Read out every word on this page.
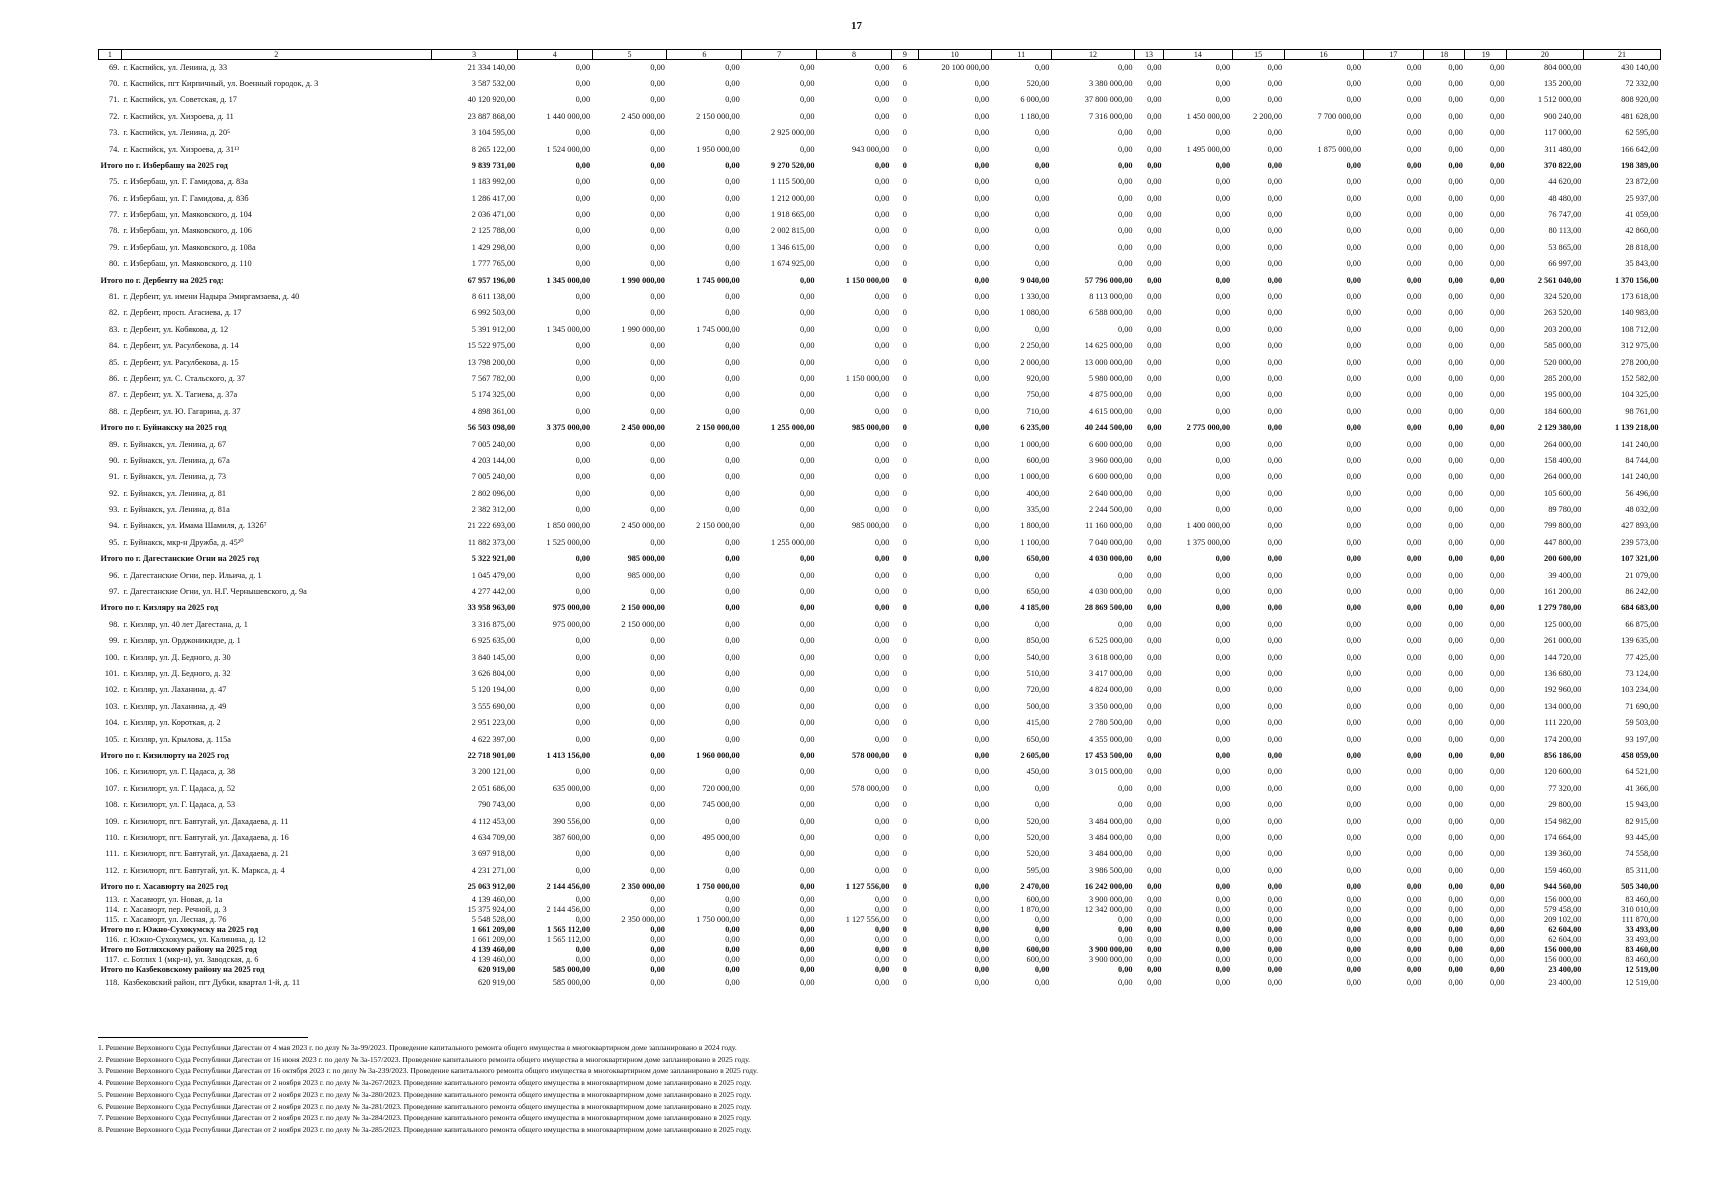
17
1	2	3	4	5	6	7	8	9	10	11	12	13	14	15	16	17	18	19	20	21
69.	г. Каспийск, ул. Ленина, д. 33	21 334 140,00	0,00	0,00	0,00	0,00	0,00	6	20 100 000,00	0,00	0,00	0,00	0,00	0,00	0,00	0,00	0,00	0,00	804 000,00	430 140,00
70.	г. Каспийск, пгт Кирпичный, ул. Военный городок, д. 3	3 587 532,00	0,00	0,00	0,00	0,00	0,00	0	0,00	520,00	3 380 000,00	0,00	0,00	0,00	0,00	0,00	0,00	0,00	135 200,00	72 332,00
71.	г. Каспийск, ул. Советская, д. 17	40 120 920,00	0,00	0,00	0,00	0,00	0,00	0	0,00	6 000,00	37 800 000,00	0,00	0,00	0,00	0,00	0,00	0,00	0,00	1 512 000,00	808 920,00
72.	г. Каспийск, ул. Хизроева, д. 11	23 887 868,00	1 440 000,00	2 450 000,00	2 150 000,00	0,00	0,00	0	0,00	1 180,00	7 316 000,00	0,00	1 450 000,00	2 200,00	7 700 000,00	0,00	0,00	0,00	900 240,00	481 628,00
73.	г. Каспийск, ул. Ленина, д. 20⁵	3 104 595,00	0,00	0,00	0,00	2 925 000,00	0,00	0	0,00	0,00	0,00	0,00	0,00	0,00	0,00	0,00	0,00	0,00	117 000,00	62 595,00
74.	г. Каспийск, ул. Хизроева, д. 31¹³	8 265 122,00	1 524 000,00	0,00	1 950 000,00	0,00	943 000,00	0	0,00	0,00	0,00	0,00	1 495 000,00	0,00	1 875 000,00	0,00	0,00	0,00	311 480,00	166 642,00
Итого по г. Избербашу на 2025 год		9 839 731,00	0,00	0,00	0,00	9 270 520,00	0,00	0	0,00	0,00	0,00	0,00	0,00	0,00	0,00	0,00	0,00	0,00	370 822,00	198 389,00
75.	г. Избербаш, ул. Г. Гамидова, д. 83а	1 183 992,00	0,00	0,00	0,00	1 115 500,00	0,00	0	0,00	0,00	0,00	0,00	0,00	0,00	0,00	0,00	0,00	0,00	44 620,00	23 872,00
76.	г. Избербаш, ул. Г. Гамидова, д. 83б	1 286 417,00	0,00	0,00	0,00	1 212 000,00	0,00	0	0,00	0,00	0,00	0,00	0,00	0,00	0,00	0,00	0,00	0,00	48 480,00	25 937,00
77.	г. Избербаш, ул. Маяковского, д. 104	2 036 471,00	0,00	0,00	0,00	1 918 665,00	0,00	0	0,00	0,00	0,00	0,00	0,00	0,00	0,00	0,00	0,00	0,00	76 747,00	41 059,00
78.	г. Избербаш, ул. Маяковского, д. 106	2 125 788,00	0,00	0,00	0,00	2 002 815,00	0,00	0	0,00	0,00	0,00	0,00	0,00	0,00	0,00	0,00	0,00	0,00	80 113,00	42 860,00
79.	г. Избербаш, ул. Маяковского, д. 108а	1 429 298,00	0,00	0,00	0,00	1 346 615,00	0,00	0	0,00	0,00	0,00	0,00	0,00	0,00	0,00	0,00	0,00	0,00	53 865,00	28 818,00
80.	г. Избербаш, ул. Маяковского, д. 110	1 777 765,00	0,00	0,00	0,00	1 674 925,00	0,00	0	0,00	0,00	0,00	0,00	0,00	0,00	0,00	0,00	0,00	0,00	66 997,00	35 843,00
Итого по г. Дербенту на 2025 год:		67 957 196,00	1 345 000,00	1 990 000,00	1 745 000,00	0,00	1 150 000,00	0	0,00	9 040,00	57 796 000,00	0,00	0,00	0,00	0,00	0,00	0,00	0,00	2 561 040,00	1 370 156,00
81.	г. Дербент, ул. имени Надыра Эмиргамзаева, д. 40	8 611 138,00	0,00	0,00	0,00	0,00	0,00	0	0,00	1 330,00	8 113 000,00	0,00	0,00	0,00	0,00	0,00	0,00	0,00	324 520,00	173 618,00
82.	г. Дербент, просп. Агасиева, д. 17	6 992 503,00	0,00	0,00	0,00	0,00	0,00	0	0,00	1 080,00	6 588 000,00	0,00	0,00	0,00	0,00	0,00	0,00	0,00	263 520,00	140 983,00
83.	г. Дербент, ул. Кобякова, д. 12	5 391 912,00	1 345 000,00	1 990 000,00	1 745 000,00	0,00	0,00	0	0,00	0,00	0,00	0,00	0,00	0,00	0,00	0,00	0,00	0,00	203 200,00	108 712,00
84.	г. Дербент, ул. Расулбекова, д. 14	15 522 975,00	0,00	0,00	0,00	0,00	0,00	0	0,00	2 250,00	14 625 000,00	0,00	0,00	0,00	0,00	0,00	0,00	0,00	585 000,00	312 975,00
85.	г. Дербент, ул. Расулбекова, д. 15	13 798 200,00	0,00	0,00	0,00	0,00	0,00	0	0,00	2 000,00	13 000 000,00	0,00	0,00	0,00	0,00	0,00	0,00	0,00	520 000,00	278 200,00
86.	г. Дербент, ул. С. Стальского, д. 37	7 567 782,00	0,00	0,00	0,00	0,00	1 150 000,00	0	0,00	920,00	5 980 000,00	0,00	0,00	0,00	0,00	0,00	0,00	0,00	285 200,00	152 582,00
87.	г. Дербент, ул. Х. Тагиева, д. 37а	5 174 325,00	0,00	0,00	0,00	0,00	0,00	0	0,00	750,00	4 875 000,00	0,00	0,00	0,00	0,00	0,00	0,00	0,00	195 000,00	104 325,00
88.	г. Дербент, ул. Ю. Гагарина, д. 37	4 898 361,00	0,00	0,00	0,00	0,00	0,00	0	0,00	710,00	4 615 000,00	0,00	0,00	0,00	0,00	0,00	0,00	0,00	184 600,00	98 761,00
Итого по г. Буйнакску на 2025 год		56 503 098,00	3 375 000,00	2 450 000,00	2 150 000,00	1 255 000,00	985 000,00	0	0,00	6 235,00	40 244 500,00	0,00	2 775 000,00	0,00	0,00	0,00	0,00	0,00	2 129 380,00	1 139 218,00
89.	г. Буйнакск, ул. Ленина, д. 67	7 005 240,00	0,00	0,00	0,00	0,00	0,00	0	0,00	1 000,00	6 600 000,00	0,00	0,00	0,00	0,00	0,00	0,00	0,00	264 000,00	141 240,00
90.	г. Буйнакск, ул. Ленина, д. 67а	4 203 144,00	0,00	0,00	0,00	0,00	0,00	0	0,00	600,00	3 960 000,00	0,00	0,00	0,00	0,00	0,00	0,00	0,00	158 400,00	84 744,00
91.	г. Буйнакск, ул. Ленина, д. 73	7 005 240,00	0,00	0,00	0,00	0,00	0,00	0	0,00	1 000,00	6 600 000,00	0,00	0,00	0,00	0,00	0,00	0,00	0,00	264 000,00	141 240,00
92.	г. Буйнакск, ул. Ленина, д. 81	2 802 096,00	0,00	0,00	0,00	0,00	0,00	0	0,00	400,00	2 640 000,00	0,00	0,00	0,00	0,00	0,00	0,00	0,00	105 600,00	56 496,00
93.	г. Буйнакск, ул. Ленина, д. 81а	2 382 312,00	0,00	0,00	0,00	0,00	0,00	0	0,00	335,00	2 244 500,00	0,00	0,00	0,00	0,00	0,00	0,00	0,00	89 780,00	48 032,00
94.	г. Буйнакск, ул. Имама Шамиля, д. 132б⁷	21 222 693,00	1 850 000,00	2 450 000,00	2 150 000,00	0,00	985 000,00	0	0,00	1 800,00	11 160 000,00	0,00	1 400 000,00	0,00	0,00	0,00	0,00	0,00	799 800,00	427 893,00
95.	г. Буйнакск, мкр-н Дружба, д. 45²⁰	11 882 373,00	1 525 000,00	0,00	0,00	1 255 000,00	0,00	0	0,00	1 100,00	7 040 000,00	0,00	1 375 000,00	0,00	0,00	0,00	0,00	0,00	447 800,00	239 573,00
Итого по г. Дагестанские Огни на 2025 год		5 322 921,00	0,00	985 000,00	0,00	0,00	0,00	0	0,00	650,00	4 030 000,00	0,00	0,00	0,00	0,00	0,00	0,00	0,00	200 600,00	107 321,00
96.	г. Дагестанские Огни, пер. Ильича, д. 1	1 045 479,00	0,00	985 000,00	0,00	0,00	0,00	0	0,00	0,00	0,00	0,00	0,00	0,00	0,00	0,00	0,00	0,00	39 400,00	21 079,00
97.	г. Дагестанские Огни, ул. Н.Г. Чернышевского, д. 9а	4 277 442,00	0,00	0,00	0,00	0,00	0,00	0	0,00	650,00	4 030 000,00	0,00	0,00	0,00	0,00	0,00	0,00	0,00	161 200,00	86 242,00
Итого по г. Кизляру на 2025 год		33 958 963,00	975 000,00	2 150 000,00	0,00	0,00	0,00	0	0,00	4 185,00	28 869 500,00	0,00	0,00	0,00	0,00	0,00	0,00	0,00	1 279 780,00	684 683,00
98.	г. Кизляр, ул. 40 лет Дагестана, д. 1	3 316 875,00	975 000,00	2 150 000,00	0,00	0,00	0,00	0	0,00	0,00	0,00	0,00	0,00	0,00	0,00	0,00	0,00	0,00	125 000,00	66 875,00
99.	г. Кизляр, ул. Орджоникидзе, д. 1	6 925 635,00	0,00	0,00	0,00	0,00	0,00	0	0,00	850,00	6 525 000,00	0,00	0,00	0,00	0,00	0,00	0,00	0,00	261 000,00	139 635,00
100.	г. Кизляр, ул. Д. Бедного, д. 30	3 840 145,00	0,00	0,00	0,00	0,00	0,00	0	0,00	540,00	3 618 000,00	0,00	0,00	0,00	0,00	0,00	0,00	0,00	144 720,00	77 425,00
101.	г. Кизляр, ул. Д. Бедного, д. 32	3 626 804,00	0,00	0,00	0,00	0,00	0,00	0	0,00	510,00	3 417 000,00	0,00	0,00	0,00	0,00	0,00	0,00	0,00	136 680,00	73 124,00
102.	г. Кизляр, ул. Лаханина, д. 47	5 120 194,00	0,00	0,00	0,00	0,00	0,00	0	0,00	720,00	4 824 000,00	0,00	0,00	0,00	0,00	0,00	0,00	0,00	192 960,00	103 234,00
103.	г. Кизляр, ул. Лаханина, д. 49	3 555 690,00	0,00	0,00	0,00	0,00	0,00	0	0,00	500,00	3 350 000,00	0,00	0,00	0,00	0,00	0,00	0,00	0,00	134 000,00	71 690,00
104.	г. Кизляр, ул. Короткая, д. 2	2 951 223,00	0,00	0,00	0,00	0,00	0,00	0	0,00	415,00	2 780 500,00	0,00	0,00	0,00	0,00	0,00	0,00	0,00	111 220,00	59 503,00
105.	г. Кизляр, ул. Крылова, д. 115а	4 622 397,00	0,00	0,00	0,00	0,00	0,00	0	0,00	650,00	4 355 000,00	0,00	0,00	0,00	0,00	0,00	0,00	0,00	174 200,00	93 197,00
Итого по г. Кизилюрту на 2025 год		22 718 901,00	1 413 156,00	0,00	1 960 000,00	0,00	578 000,00	0	0,00	2 605,00	17 453 500,00	0,00	0,00	0,00	0,00	0,00	0,00	0,00	856 186,00	458 059,00
106.	г. Кизилюрт, ул. Г. Цадаса, д. 38	3 200 121,00	0,00	0,00	0,00	0,00	0,00	0	0,00	450,00	3 015 000,00	0,00	0,00	0,00	0,00	0,00	0,00	0,00	120 600,00	64 521,00
107.	г. Кизилюрт, ул. Г. Цадаса, д. 52	2 051 686,00	635 000,00	0,00	720 000,00	0,00	578 000,00	0	0,00	0,00	0,00	0,00	0,00	0,00	0,00	0,00	0,00	0,00	77 320,00	41 366,00
108.	г. Кизилюрт, ул. Г. Цадаса, д. 53	790 743,00	0,00	0,00	745 000,00	0,00	0,00	0	0,00	0,00	0,00	0,00	0,00	0,00	0,00	0,00	0,00	0,00	29 800,00	15 943,00
109.	г. Кизилюрт, пгт. Бавтугай, ул. Дахадаева, д. 11	4 112 453,00	390 556,00	0,00	0,00	0,00	0,00	0	0,00	520,00	3 484 000,00	0,00	0,00	0,00	0,00	0,00	0,00	0,00	154 982,00	82 915,00
110.	г. Кизилюрт, пгт. Бавтугай, ул. Дахадаева, д. 16	4 634 709,00	387 600,00	0,00	495 000,00	0,00	0,00	0	0,00	520,00	3 484 000,00	0,00	0,00	0,00	0,00	0,00	0,00	0,00	174 664,00	93 445,00
111.	г. Кизилюрт, пгт. Бавтугай, ул. Дахадаева, д. 21	3 697 918,00	0,00	0,00	0,00	0,00	0,00	0	0,00	520,00	3 484 000,00	0,00	0,00	0,00	0,00	0,00	0,00	0,00	139 360,00	74 558,00
112.	г. Кизилюрт, пгт. Бавтугай, ул. К. Маркса, д. 4	4 231 271,00	0,00	0,00	0,00	0,00	0,00	0	0,00	595,00	3 986 500,00	0,00	0,00	0,00	0,00	0,00	0,00	0,00	159 460,00	85 311,00
Итого по г. Хасавюрту на 2025 год		25 063 912,00	2 144 456,00	2 350 000,00	1 750 000,00	0,00	1 127 556,00	0	0,00	2 470,00	16 242 000,00	0,00	0,00	0,00	0,00	0,00	0,00	0,00	944 560,00	505 340,00
113.	г. Хасавюрт, ул. Новая, д. 1а	4 139 460,00	0,00	0,00	0,00	0,00	0,00	0	0,00	600,00	3 900 000,00	0,00	0,00	0,00	0,00	0,00	0,00	0,00	156 000,00	83 460,00
114.	г. Хасавюрт, пер. Речной, д. 3	15 375 924,00	2 144 456,00	0,00	0,00	0,00	0,00	0	0,00	1 870,00	12 342 000,00	0,00	0,00	0,00	0,00	0,00	0,00	0,00	579 458,00	310 010,00
115.	г. Хасавюрт, ул. Лесная, д. 76	5 548 528,00	0,00	2 350 000,00	1 750 000,00	0,00	1 127 556,00	0	0,00	0,00	0,00	0,00	0,00	0,00	0,00	0,00	0,00	0,00	209 102,00	111 870,00
Итого по г. Южно-Сухокумску на 2025 год		1 661 209,00	1 565 112,00	0,00	0,00	0,00	0,00	0	0,00	0,00	0,00	0,00	0,00	0,00	0,00	0,00	0,00	0,00	62 604,00	33 493,00
116.	г. Южно-Сухокумск, ул. Калинина, д. 12	1 661 209,00	1 565 112,00	0,00	0,00	0,00	0,00	0	0,00	0,00	0,00	0,00	0,00	0,00	0,00	0,00	0,00	0,00	62 604,00	33 493,00
Итого по Ботлихскому району на 2025 год		4 139 460,00	0,00	0,00	0,00	0,00	0,00	0	0,00	600,00	3 900 000,00	0,00	0,00	0,00	0,00	0,00	0,00	0,00	156 000,00	83 460,00
117.	с. Ботлих 1 (мкр-н), ул. Заводская, д. 6	4 139 460,00	0,00	0,00	0,00	0,00	0,00	0	0,00	600,00	3 900 000,00	0,00	0,00	0,00	0,00	0,00	0,00	0,00	156 000,00	83 460,00
Итого по Казбековскому району на 2025 год		620 919,00	585 000,00	0,00	0,00	0,00	0,00	0	0,00	0,00	0,00	0,00	0,00	0,00	0,00	0,00	0,00	0,00	23 400,00	12 519,00
118.	Казбековский район, пгт Дубки, квартал 1-й, д. 11	620 919,00	585 000,00	0,00	0,00	0,00	0,00	0	0,00	0,00	0,00	0,00	0,00	0,00	0,00	0,00	0,00	0,00	23 400,00	12 519,00
1. Решение Верховного Суда Республики Дагестан от 4 мая 2023 г. по делу № 3а-99/2023. Проведение капитального ремонта общего имущества в многоквартирном доме запланировано в 2024 году.
2. Решение Верховного Суда Республики Дагестан от 16 июня 2023 г. по делу № 3а-157/2023. Проведение капитального ремонта общего имущества в многоквартирном доме запланировано в 2025 году.
3. Решение Верховного Суда Республики Дагестан от 16 октября 2023 г. по делу № 3а-239/2023. Проведение капитального ремонта общего имущества в многоквартирном доме запланировано в 2025 году.
4. Решение Верховного Суда Республики Дагестан от 2 ноября 2023 г. по делу № 3а-267/2023. Проведение капитального ремонта общего имущества в многоквартирном доме запланировано в 2025 году.
5. Решение Верховного Суда Республики Дагестан от 2 ноября 2023 г. по делу № 3а-280/2023. Проведение капитального ремонта общего имущества в многоквартирном доме запланировано в 2025 году.
6. Решение Верховного Суда Республики Дагестан от 2 ноября 2023 г. по делу № 3а-281/2023. Проведение капитального ремонта общего имущества в многоквартирном доме запланировано в 2025 году.
7. Решение Верховного Суда Республики Дагестан от 2 ноября 2023 г. по делу № 3а-284/2023. Проведение капитального ремонта общего имущества в многоквартирном доме запланировано в 2025 году.
8. Решение Верховного Суда Республики Дагестан от 2 ноября 2023 г. по делу № 3а-285/2023. Проведение капитального ремонта общего имущества в многоквартирном доме запланировано в 2025 году.
